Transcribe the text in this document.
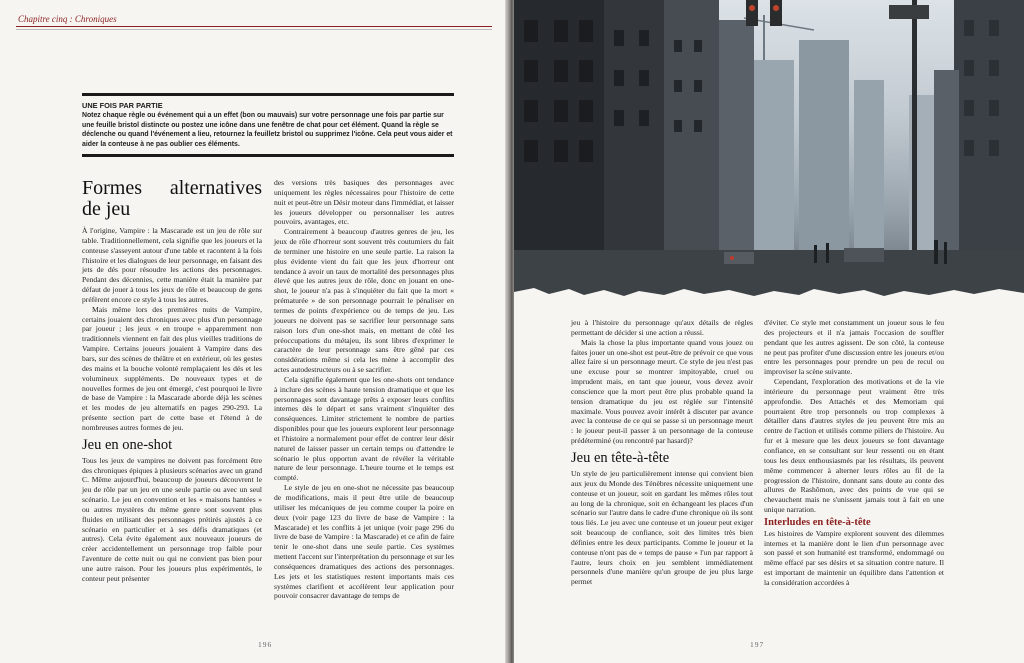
Chapitre cinq : Chroniques
UNE FOIS PAR PARTIE

Notez chaque règle ou événement qui a un effet (bon ou mauvais) sur votre personnage une fois par partie sur une feuille bristol distincte ou postez une icône dans une fenêtre de chat pour cet élément. Quand la règle se déclenche ou quand l'événement a lieu, retournez la feuilletz bristol ou supprimez l'icône. Cela peut vous aider et aider la conteuse à ne pas oublier ces éléments.

Formes alternatives de jeu

À l'origine, Vampire : la Mascarade est un jeu de rôle sur table. Traditionnellement, cela signifie que les joueurs et la conteuse s'asseyent autour d'une table et racontent à la fois l'histoire et les dialogues de leur personnage, en faisant des jets de dés pour résoudre les actions des personnages. Pendant des décennies, cette manière était la manière par défaut de jouer à tous les jeux de rôle et beaucoup de gens préfèrent encore ce style à tous les autres.

Mais même lors des premières nuits de Vampire, certains jouaient des chroniques avec plus d'un personnage par joueur ; les jeux « en troupe » apparemment non traditionnels viennent en fait des plus vieilles traditions de Vampire. Certains joueurs jouaient à Vampire dans des bars, sur des scènes de théâtre et en extérieur, où les gestes des mains et la bouche volonté remplaçaient les dés et les volumineux suppléments. De nouveaux types et de nouvelles formes de jeu ont émergé, c'est pourquoi le livre de base de Vampire : la Mascarade aborde déjà les scènes et les modes de jeu alternatifs en pages 290-293. La présente section part de cette base et l'étend à de nombreuses autres formes de jeu.

Jeu en one-shot

Tous les jeux de vampires ne doivent pas forcément être des chroniques épiques à plusieurs scénarios avec un grand C. Même aujourd'hui, beaucoup de joueurs découvrent le jeu de rôle par un jeu en une seule partie ou avec un seul scénario. Le jeu en convention et les « maisons hantées » ou autres mystères du même genre sont souvent plus fluides en utilisant des personnages prétirés ajustés à ce scénario en particulier et à ses défis dramatiques (et autres). Cela évite également aux nouveaux joueurs de créer accidentellement un personnage trop faible pour l'aventure de cette nuit ou qui ne convient pas bien pour une autre raison. Pour les joueurs plus expérimentés, le conteur peut présenter

des versions très basiques des personnages avec uniquement les règles nécessaires pour l'histoire de cette nuit et peut-être un Désir moteur dans l'immédiat, et laisser les joueurs développer ou personnaliser les autres pouvoirs, avantages, etc.

Contrairement à beaucoup d'autres genres de jeu, les jeux de rôle d'horreur sont souvent très coutumiers du fait de terminer une histoire en une seule partie. La raison la plus évidente vient du fait que les jeux d'horreur ont tendance à avoir un taux de mortalité des personnages plus élevé que les autres jeux de rôle, donc en jouant en one-shot, le joueur n'a pas à s'inquiéter du fait que la mort « prématurée » de son personnage pourrait le pénaliser en termes de points d'expérience ou de temps de jeu. Les joueurs ne doivent pas se sacrifier leur personnage sans raison lors d'un one-shot mais, en mettant de côté les préoccupations du métajeu, ils sont libres d'exprimer le caractère de leur personnage sans être gêné par ces considérations même si cela les mène à accomplir des actes autodestructeurs ou à se sacrifier.

Cela signifie également que les one-shots ont tendance à inclure des scènes à haute tension dramatique et que les personnages sont davantage prêts à exposer leurs conflits internes dès le départ et sans vraiment s'inquiéter des conséquences. Limiter strictement le nombre de parties disponibles pour que les joueurs explorent leur personnage et l'histoire a normalement pour effet de contrer leur désir naturel de laisser passer un certain temps ou d'attendre le scénario le plus opportun avant de révéler la véritable nature de leur personnage. L'heure tourne et le temps est compté.

Le style de jeu en one-shot ne nécessite pas beaucoup de modifications, mais il peut être utile de beaucoup utiliser les mécaniques de jeu comme couper la poire en deux (voir page 123 du livre de base de Vampire : la Mascarade) et les conflits à jet unique (voir page 296 du livre de base de Vampire : la Mascarade) et ce afin de faire tenir le one-shot dans une seule partie. Ces systèmes mettent l'accent sur l'interprétation du personnage et sur les conséquences dramatiques des actions des personnages. Les jets et les statistiques restent importants mais ces systèmes clarifient et accélèrent leur application pour pouvoir consacrer davantage de temps de

196

jeu à l'histoire du personnage qu'aux détails de règles permettant de décider si une action a réussi.

Mais la chose la plus importante quand vous jouez ou faites jouer un one-shot est peut-être de prévoir ce que vous allez faire si un personnage meurt. Ce style de jeu n'est pas une excuse pour se montrer impitoyable, cruel ou imprudent mais, en tant que joueur, vous devez avoir conscience que la mort peut être plus probable quand la tension dramatique du jeu est réglée sur l'intensité maximale. Vous pouvez avoir intérêt à discuter par avance avec la conteuse de ce qui se passe si un personnage meurt : le joueur peut-il passer à un personnage de la conteuse prédéterminé (ou rencontré par hasard)?

Jeu en tête-à-tête

Un style de jeu particulièrement intense qui convient bien aux jeux du Monde des Ténèbres nécessite uniquement une conteuse et un joueur, soit en gardant les mêmes rôles tout au long de la chronique, soit en échangeant les places d'un scénario sur l'autre dans le cadre d'une chronique où ils sont tous liés. Le jeu avec une conteuse et un joueur peut exiger soit beaucoup de confiance, soit des limites très bien définies entre les deux participants. Comme le joueur et la conteuse n'ont pas de « temps de pause » l'un par rapport à l'autre, leurs choix en jeu semblent immédiatement personnels d'une manière qu'un groupe de jeu plus large permet

d'éviter. Ce style met constamment un joueur sous le feu des projecteurs et il n'a jamais l'occasion de souffler pendant que les autres agissent. De son côté, la conteuse ne peut pas profiter d'une discussion entre les joueurs et/ou entre les personnages pour prendre un peu de recul ou improviser la scène suivante.

Cependant, l'exploration des motivations et de la vie intérieure du personnage peut vraiment être très approfondie. Des Attachés et des Memoriam qui pourraient être trop personnels ou trop complexes à détailler dans d'autres styles de jeu peuvent être mis au centre de l'action et utilisés comme piliers de l'histoire. Au fur et à mesure que les deux joueurs se font davantage confiance, en se consultant sur leur ressenti ou en étant tous les deux enthousiasmés par les résultats, ils peuvent même commencer à alterner leurs rôles au fil de la progression de l'histoire, donnant sans doute au conte des allures de Rashômon, avec des points de vue qui se chevauchent mais ne s'unissent jamais tout à fait en une unique narration.

Interludes en tête-à-tête

Les histoires de Vampire explorent souvent des dilemmes internes et la manière dont le lien d'un personnage avec son passé et son humanité est transformé, endommagé ou même effacé par ses désirs et sa situation contre nature. Il est important de maintenir un équilibre dans l'attention et la considération accordées à

197
